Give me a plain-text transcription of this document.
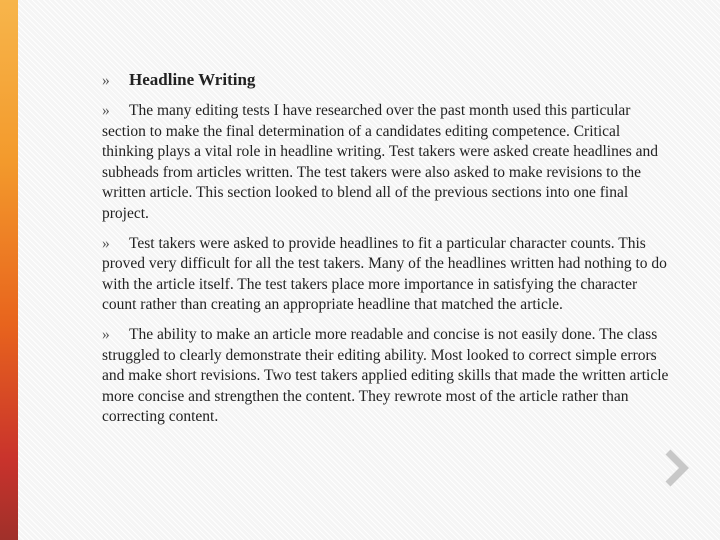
» Headline Writing

» The many editing tests I have researched over the past month used this particular section to make the final determination of a candidates editing competence. Critical thinking plays a vital role in headline writing. Test takers were asked create headlines and subheads from articles written. The test takers were also asked to make revisions to the written article. This section looked to blend all of the previous sections into one final project.

» Test takers were asked to provide headlines to fit a particular character counts. This proved very difficult for all the test takers. Many of the headlines written had nothing to do with the article itself. The test takers place more importance in satisfying the character count rather than creating an appropriate headline that matched the article.

» The ability to make an article more readable and concise is not easily done. The class struggled to clearly demonstrate their editing ability. Most looked to correct simple errors and make short revisions. Two test takers applied editing skills that made the written article more concise and strengthen the content. They rewrote most of the article rather than correcting content.
